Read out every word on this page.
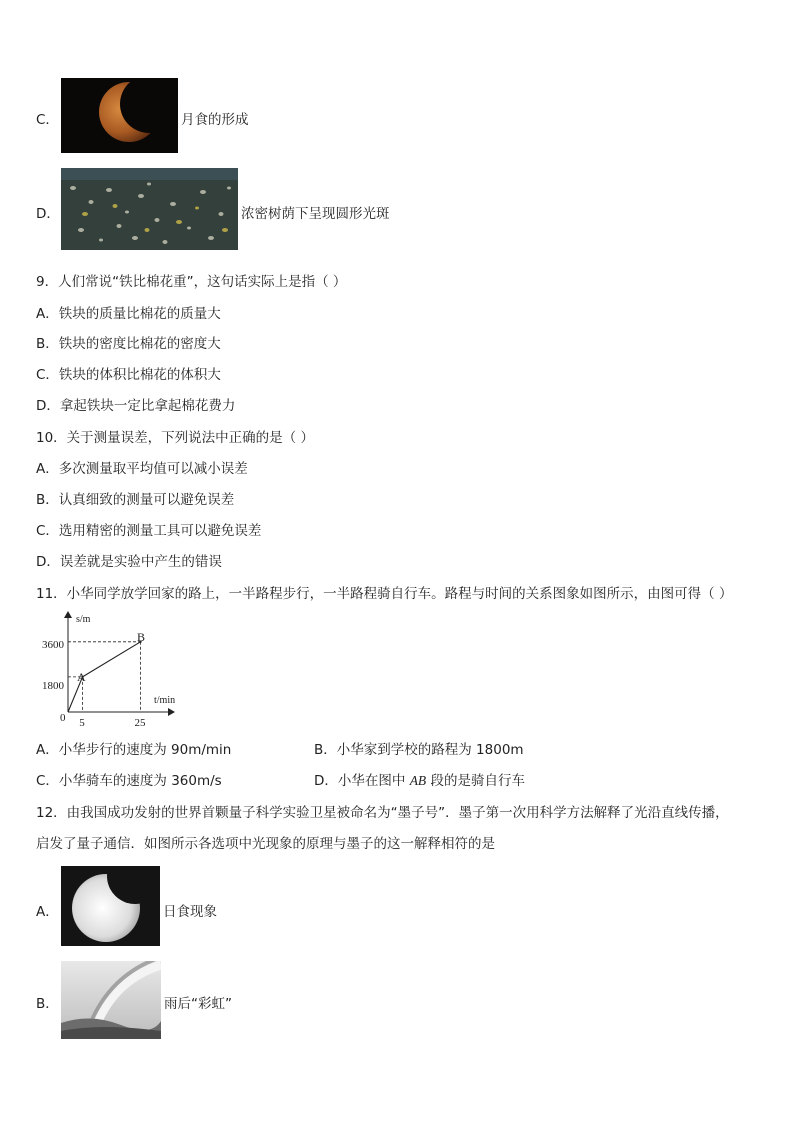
C．	月食的形成
D．	浓密树荫下呈现圆形光斑
9．人们常说“铁比棉花重”，这句话实际上是指（ ）
A．铁块的质量比棉花的质量大
B．铁块的密度比棉花的密度大
C．铁块的体积比棉花的体积大
D．拿起铁块一定比拿起棉花费力
10．关于测量误差，下列说法中正确的是（ ）
A．多次测量取平均值可以减小误差
B．认真细致的测量可以避免误差
C．选用精密的测量工具可以避免误差
D．误差就是实验中产生的错误
11．小华同学放学回家的路上，一半路程步行，一半路程骑自行车。路程与时间的关系图象如图所示，由图可得（ ）
s/m
t/min
0
3600
1800
5	25
A
B
A．小华步行的速度为 90m/min	B．小华家到学校的路程为 1800m
C．小华骑车的速度为 360m/s	D．小华在图中 AB 段的是骑自行车
12．由我国成功发射的世界首颗量子科学实验卫星被命名为“墨子号”．墨子第一次用科学方法解释了光沿直线传播，
启发了量子通信．如图所示各选项中光现象的原理与墨子的这一解释相符的是
A．	日食现象
B．	雨后“彩虹”
